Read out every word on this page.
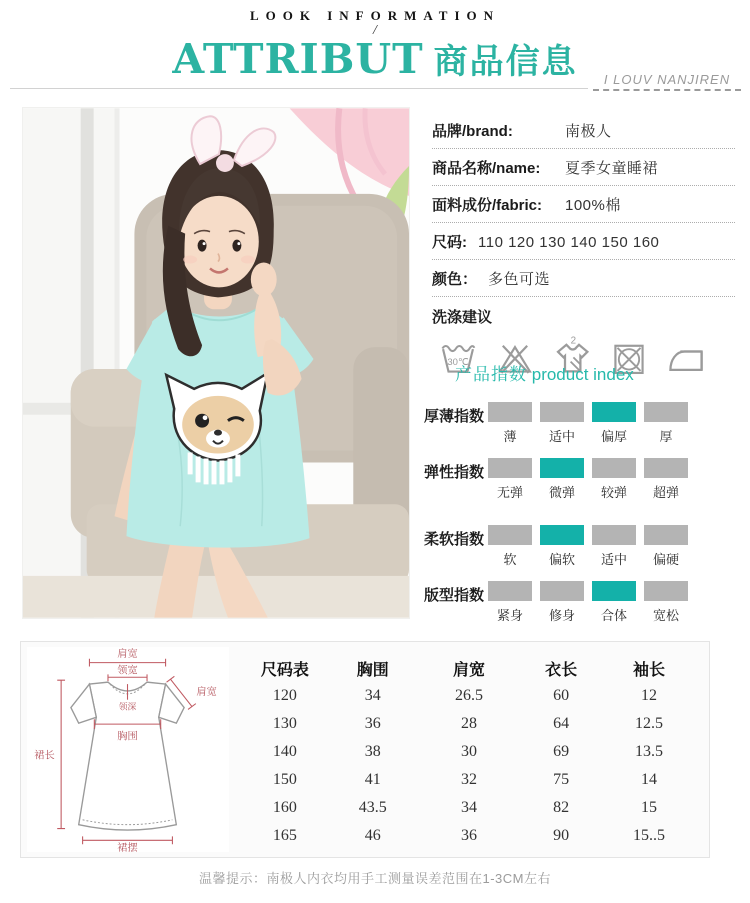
LOOK INFORMATION
/
ATTRIBUT 商品信息	I LOUV NANJIREN
品牌/brand:	南极人
商品名称/name:	夏季女童睡裙
面料成份/fabric:	100%棉
尺码: 110 120 130 140 150 160
颜色： 多色可选
洗涤建议
30℃
2
产品指数 product index
厚薄指数
薄	适中	偏厚	厚
弹性指数
无弹	微弹	较弹	超弹
柔软指数
软	偏软	适中	偏硬
版型指数
紧身	修身	合体	宽松
肩宽
领宽
领深
肩宽
胸围
裙长
裙摆
尺码表	胸围	肩宽	衣长	袖长
120	34	26.5	60	12
130	36	28	64	12.5
140	38	30	69	13.5
150	41	32	75	14
160	43.5	34	82	15
165	46	36	90	15..5
温馨提示：南极人内衣均用手工测量误差范围在1-3CM左右
